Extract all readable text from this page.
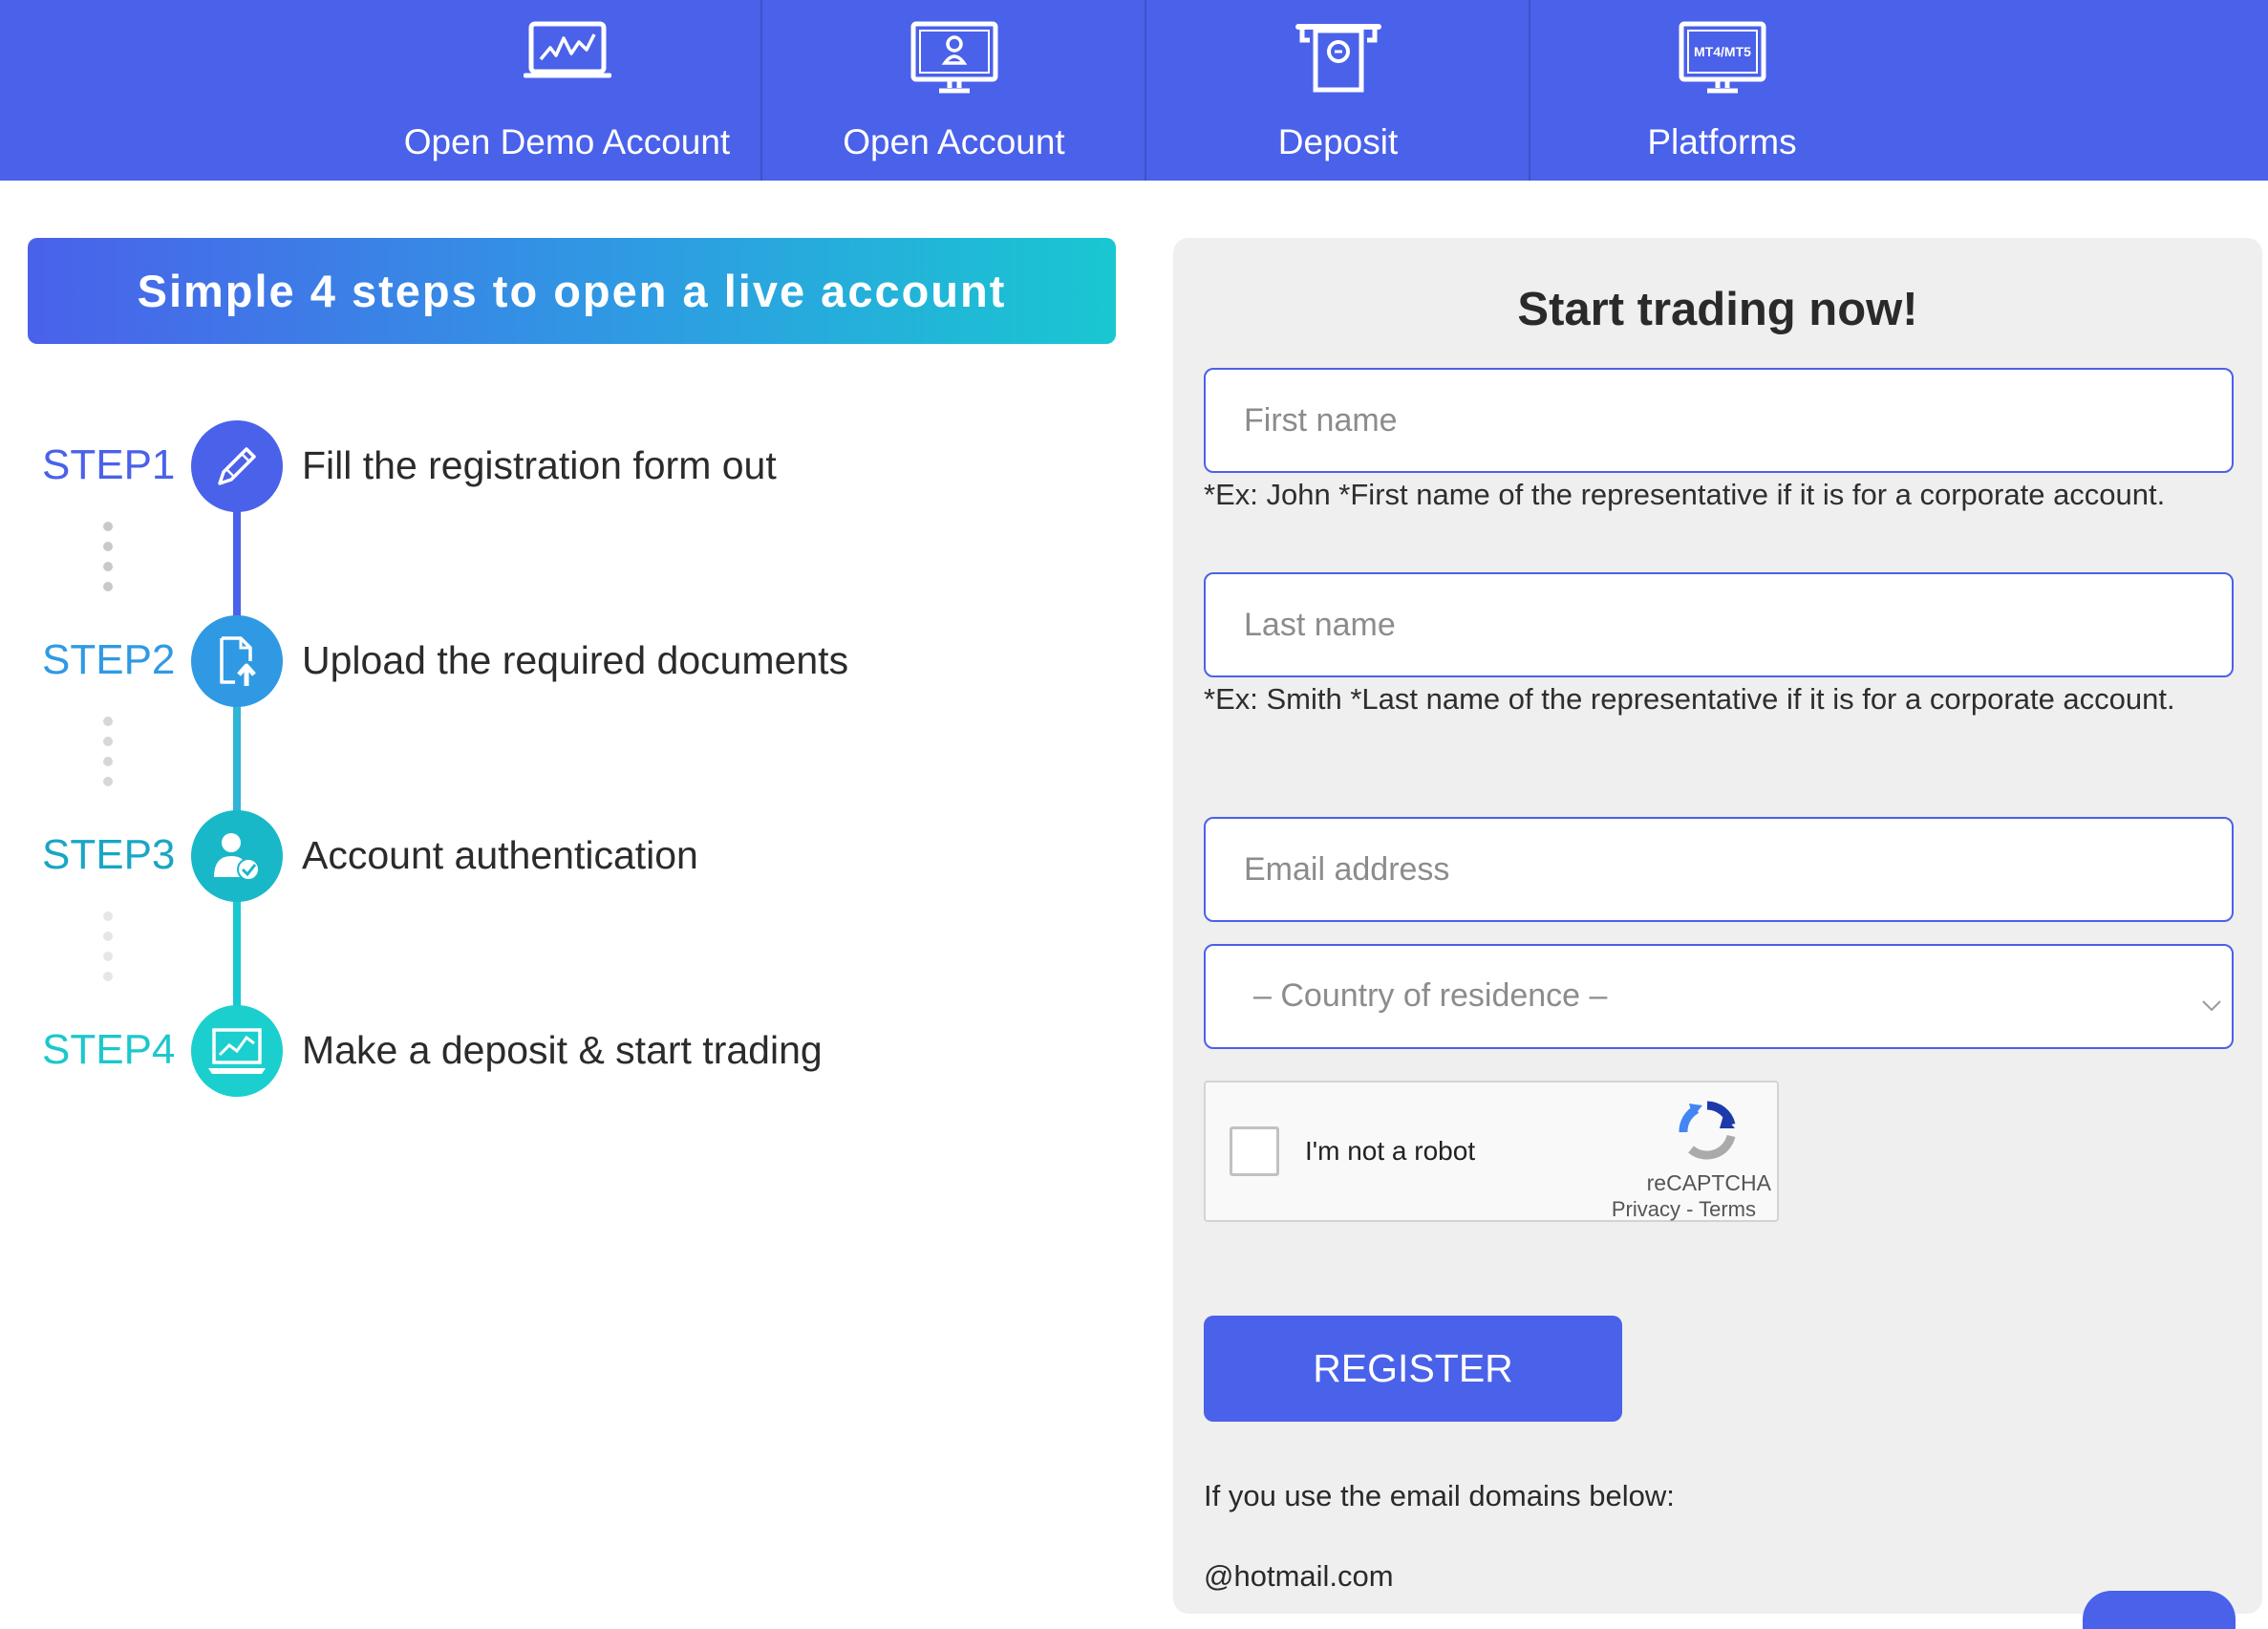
Open Demo Account	Open Account	Deposit
MT4/MT5
Platforms
Simple 4 steps to open a live account
STEP1	Fill the registration form out
STEP2	Upload the required documents
STEP3	Account authentication
STEP4	Make a deposit & start trading
Start trading now!
First name
*Ex: John *First name of the representative if it is for a corporate account.
Last name
*Ex: Smith *Last name of the representative if it is for a corporate account.
Email address
– Country of residence –
I'm not a robot
reCAPTCHA
Privacy - Terms
REGISTER
If you use the email domains below:
@hotmail.com
